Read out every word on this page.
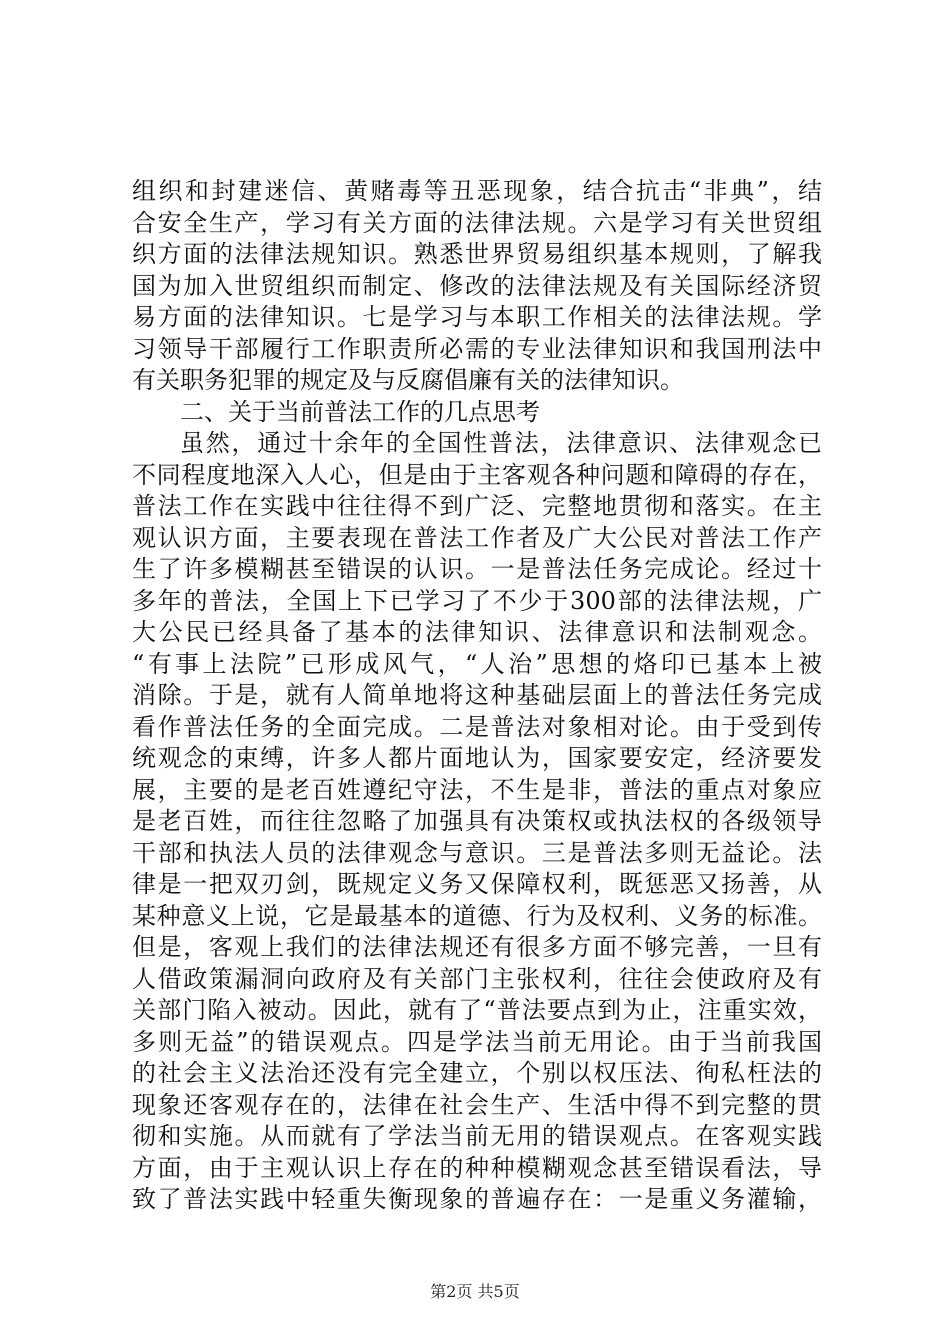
组织和封建迷信、黄赌毒等丑恶现象，结合抗击“非典”，结
合安全生产，学习有关方面的法律法规。六是学习有关世贸组
织方面的法律法规知识。熟悉世界贸易组织基本规则，了解我
国为加入世贸组织而制定、修改的法律法规及有关国际经济贸
易方面的法律知识。七是学习与本职工作相关的法律法规。学
习领导干部履行工作职责所必需的专业法律知识和我国刑法中
有关职务犯罪的规定及与反腐倡廉有关的法律知识。
二、关于当前普法工作的几点思考
虽然，通过十余年的全国性普法，法律意识、法律观念已
不同程度地深入人心，但是由于主客观各种问题和障碍的存在，
普法工作在实践中往往得不到广泛、完整地贯彻和落实。在主
观认识方面，主要表现在普法工作者及广大公民对普法工作产
生了许多模糊甚至错误的认识。一是普法任务完成论。经过十
多年的普法，全国上下已学习了不少于300部的法律法规，广
大公民已经具备了基本的法律知识、法律意识和法制观念。
“有事上法院”已形成风气，“人治”思想的烙印已基本上被
消除。于是，就有人简单地将这种基础层面上的普法任务完成
看作普法任务的全面完成。二是普法对象相对论。由于受到传
统观念的束缚，许多人都片面地认为，国家要安定，经济要发
展，主要的是老百姓遵纪守法，不生是非，普法的重点对象应
是老百姓，而往往忽略了加强具有决策权或执法权的各级领导
干部和执法人员的法律观念与意识。三是普法多则无益论。法
律是一把双刃剑，既规定义务又保障权利，既惩恶又扬善，从
某种意义上说，它是最基本的道德、行为及权利、义务的标准。
但是，客观上我们的法律法规还有很多方面不够完善，一旦有
人借政策漏洞向政府及有关部门主张权利，往往会使政府及有
关部门陷入被动。因此，就有了“普法要点到为止，注重实效，
多则无益”的错误观点。四是学法当前无用论。由于当前我国
的社会主义法治还没有完全建立，个别以权压法、徇私枉法的
现象还客观存在的，法律在社会生产、生活中得不到完整的贯
彻和实施。从而就有了学法当前无用的错误观点。在客观实践
方面，由于主观认识上存在的种种模糊观念甚至错误看法，导
致了普法实践中轻重失衡现象的普遍存在：一是重义务灌输，
第2页 共5页
